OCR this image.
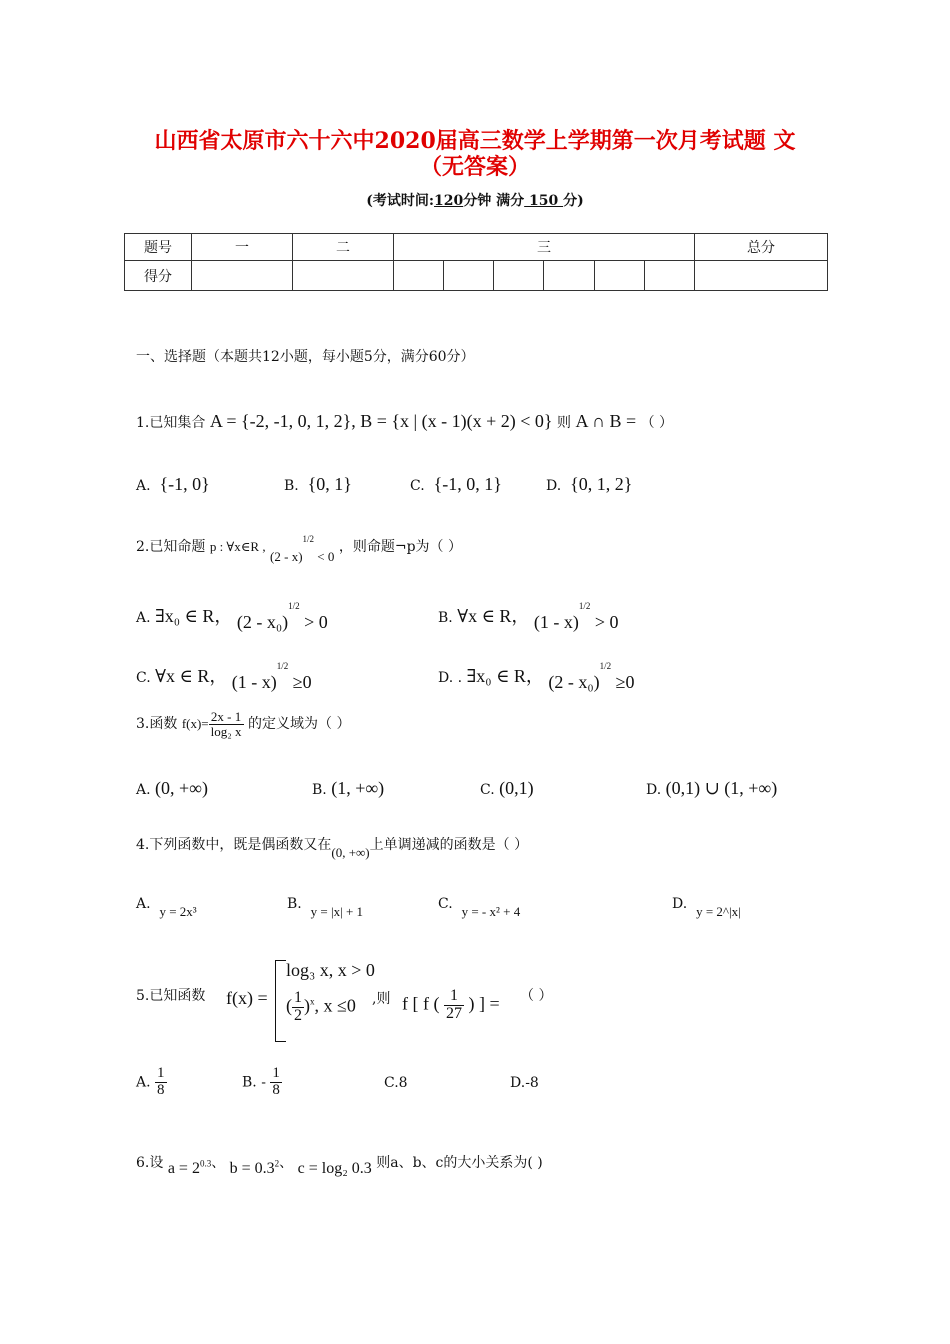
山西省太原市六十六中2020届高三数学上学期第一次月考试题 文
（无答案）
(考试时间:120分钟 满分 150 分)
题号	一	二	三						总分
得分									
一、选择题（本题共12小题，每小题5分，满分60分）
1.已知集合 A = {-2, -1, 0, 1, 2}, B = {x | (x - 1)(x + 2) < 0} 则 A ∩ B = （ ）
A. {-1, 0}	B. {0, 1}	C. {-1, 0, 1}	D. {0, 1, 2}
2.已知命题 p : ∀x∈R , (2 - x)$^{1/2}$ < 0 ，则命题¬p为（ ）
A. ∃x₀ ∈ R， (2 - x₀)$^{1/2}$ > 0	B. ∀x ∈ R， (1 - x)$^{1/2}$ > 0
C. ∀x ∈ R， (1 - x)$^{1/2}$ ≥0	D. . ∃x₀ ∈ R， (2 - x₀)$^{1/2}$ ≥0
3.函数 $f(x)= \frac{2x - 1}{\text{log₂ x}}$ 的定义域为（ ）
A. (0, +∞)	B. (1, +∞)	C. (0,1)	D. (0,1) ∪ (1, +∞)
4.下列函数中，既是偶函数又在(0, +∞)上单调递减的函数是（ ）
A. y = 2x³	B. y = |x| + 1	C. y = - x² + 4	D. y = 2^|x|
5.已知函数 f(x) =
log₃ x, x > 0
( $\frac{1}{2} )^x$, x ≤0 ,则 f [ f ( $\frac{1}{27}$ ) ] = （ ）
A. $\frac{1}{8}$	B. - $\frac{1}{8}$	C.8	D.-8
6.设 $a = 2^{0.3}$、 $b = 0.3^2$、 c = log₂ 0.3 则a、b、c的大小关系为( )
